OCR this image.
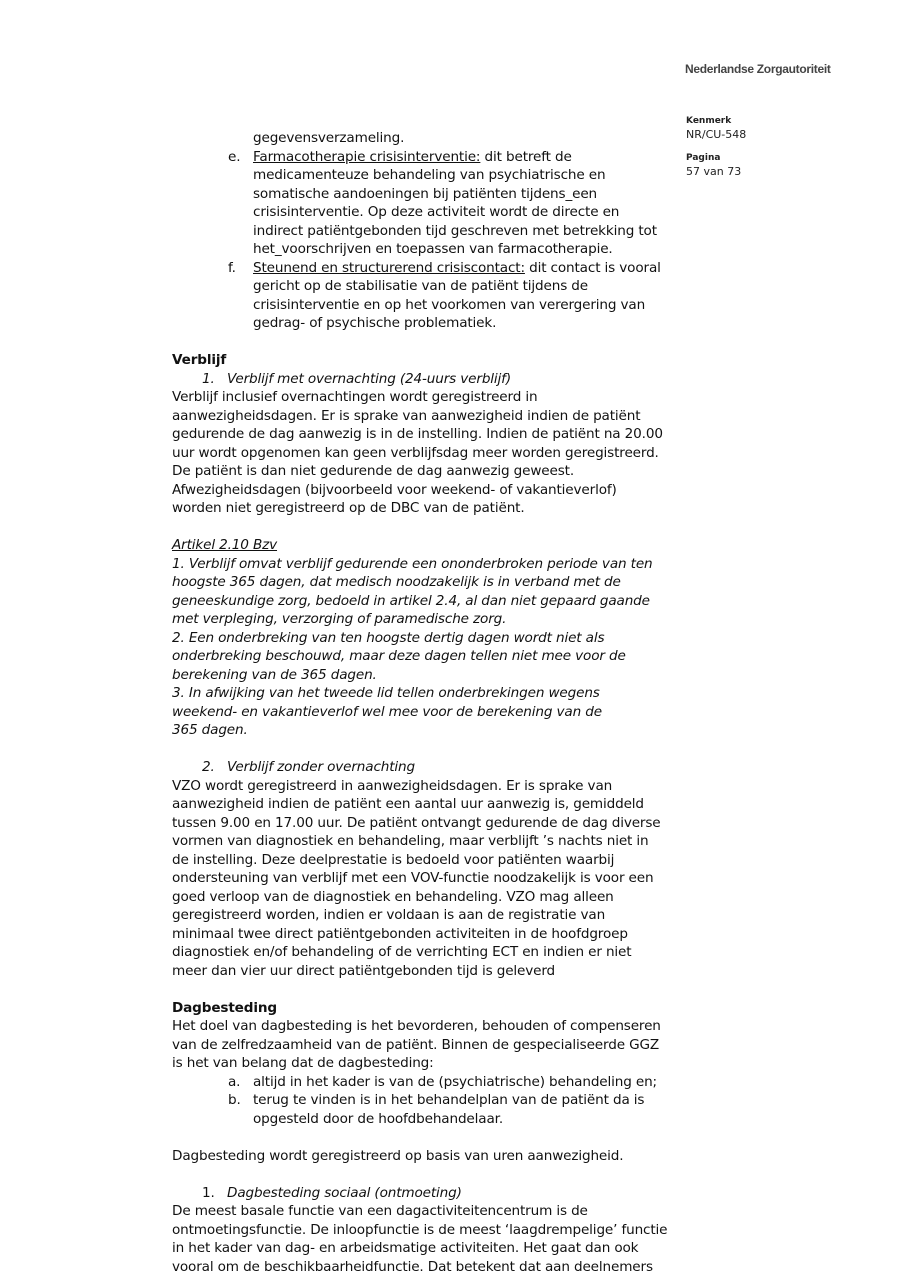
Nederlandse Zorgautoriteit
Kenmerk
NR/CU-548
Pagina
57 van 73

gegevensverzameling.

e. Farmacotherapie crisisinterventie: dit betreft de
medicamenteuze behandeling van psychiatrische en
somatische aandoeningen bij patiënten tijdens_een
crisisinterventie. Op deze activiteit wordt de directe en
indirect patiëntgebonden tijd geschreven met betrekking tot
het_voorschrijven en toepassen van farmacotherapie.
f. Steunend en structurerend crisiscontact: dit contact is vooral
gericht op de stabilisatie van de patiënt tijdens de
crisisinterventie en op het voorkomen van verergering van
gedrag- of psychische problematiek.

Verblijf

1. Verblijf met overnachting (24-uurs verblijf)

Verblijf inclusief overnachtingen wordt geregistreerd in
aanwezigheidsdagen. Er is sprake van aanwezigheid indien de patiënt
gedurende de dag aanwezig is in de instelling. Indien de patiënt na 20.00
uur wordt opgenomen kan geen verblijfsdag meer worden geregistreerd.
De patiënt is dan niet gedurende de dag aanwezig geweest.
Afwezigheidsdagen (bijvoorbeeld voor weekend- of vakantieverlof)
worden niet geregistreerd op de DBC van de patiënt.

Artikel 2.10 Bzv

1. Verblijf omvat verblijf gedurende een ononderbroken periode van ten
hoogste 365 dagen, dat medisch noodzakelijk is in verband met de
geneeskundige zorg, bedoeld in artikel 2.4, al dan niet gepaard gaande
met verpleging, verzorging of paramedische zorg.
2. Een onderbreking van ten hoogste dertig dagen wordt niet als
onderbreking beschouwd, maar deze dagen tellen niet mee voor de
berekening van de 365 dagen.
3. In afwijking van het tweede lid tellen onderbrekingen wegens
weekend- en vakantieverlof wel mee voor de berekening van de
365 dagen.

2. Verblijf zonder overnachting

VZO wordt geregistreerd in aanwezigheidsdagen. Er is sprake van
aanwezigheid indien de patiënt een aantal uur aanwezig is, gemiddeld
tussen 9.00 en 17.00 uur. De patiënt ontvangt gedurende de dag diverse
vormen van diagnostiek en behandeling, maar verblijft ’s nachts niet in
de instelling. Deze deelprestatie is bedoeld voor patiënten waarbij
ondersteuning van verblijf met een VOV-functie noodzakelijk is voor een
goed verloop van de diagnostiek en behandeling. VZO mag alleen
geregistreerd worden, indien er voldaan is aan de registratie van
minimaal twee direct patiëntgebonden activiteiten in de hoofdgroep
diagnostiek en/of behandeling of de verrichting ECT en indien er niet
meer dan vier uur direct patiëntgebonden tijd is geleverd

Dagbesteding

Het doel van dagbesteding is het bevorderen, behouden of compenseren
van de zelfredzaamheid van de patiënt. Binnen de gespecialiseerde GGZ
is het van belang dat de dagbesteding:

a. altijd in het kader is van de (psychiatrische) behandeling en;
b. terug te vinden is in het behandelplan van de patiënt da is
opgesteld door de hoofdbehandelaar.

Dagbesteding wordt geregistreerd op basis van uren aanwezigheid.

1. Dagbesteding sociaal (ontmoeting)

De meest basale functie van een dagactiviteitencentrum is de
ontmoetingsfunctie. De inloopfunctie is de meest ‘laagdrempelige’ functie
in het kader van dag- en arbeidsmatige activiteiten. Het gaat dan ook
vooral om de beschikbaarheidfunctie. Dat betekent dat aan deelnemers
